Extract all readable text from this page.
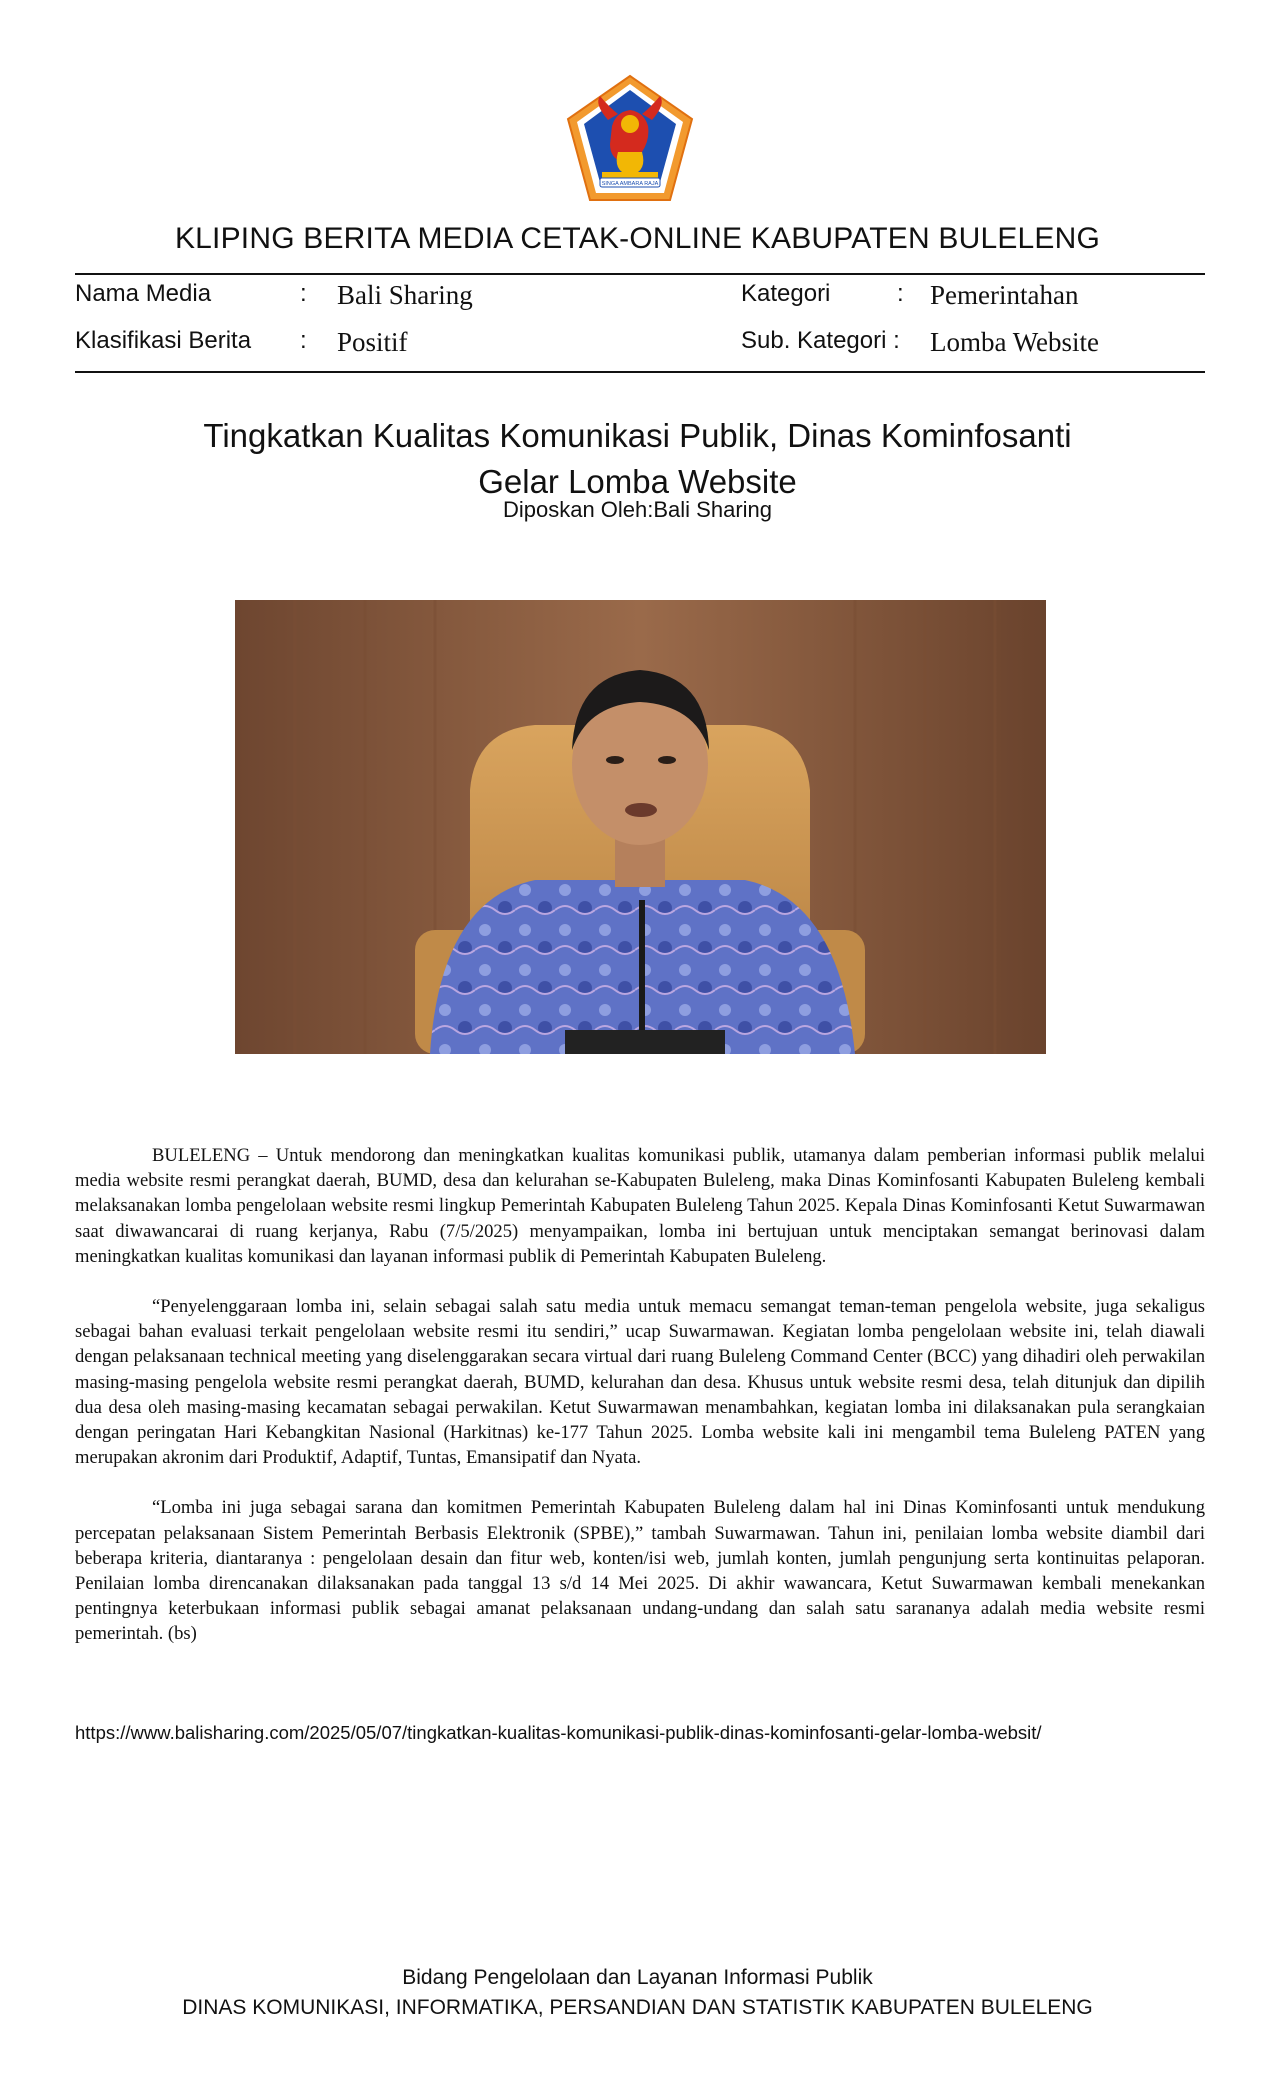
SINGA AMBARA RAJA
KLIPING BERITA MEDIA CETAK-ONLINE KABUPATEN BULELENG
Nama Media	: Bali Sharing	Kategori	: Pemerintahan
Klasifikasi Berita : Positif	Sub. Kategori : Lomba Website
Tingkatkan Kualitas Komunikasi Publik, Dinas Kominfosanti
Gelar Lomba Website
Diposkan Oleh:Bali Sharing

BULELENG – Untuk mendorong dan meningkatkan kualitas komunikasi publik, utamanya dalam pemberian informasi publik melalui media website resmi perangkat daerah, BUMD, desa dan kelurahan se-Kabupaten Buleleng, maka Dinas Kominfosanti Kabupaten Buleleng kembali melaksanakan lomba pengelolaan website resmi lingkup Pemerintah Kabupaten Buleleng Tahun 2025. Kepala Dinas Kominfosanti Ketut Suwarmawan saat diwawancarai di ruang kerjanya, Rabu (7/5/2025) menyampaikan, lomba ini bertujuan untuk menciptakan semangat berinovasi dalam meningkatkan kualitas komunikasi dan layanan informasi publik di Pemerintah Kabupaten Buleleng.

“Penyelenggaraan lomba ini, selain sebagai salah satu media untuk memacu semangat teman-teman pengelola website, juga sekaligus sebagai bahan evaluasi terkait pengelolaan website resmi itu sendiri,” ucap Suwarmawan. Kegiatan lomba pengelolaan website ini, telah diawali dengan pelaksanaan technical meeting yang diselenggarakan secara virtual dari ruang Buleleng Command Center (BCC) yang dihadiri oleh perwakilan masing-masing pengelola website resmi perangkat daerah, BUMD, kelurahan dan desa. Khusus untuk website resmi desa, telah ditunjuk dan dipilih dua desa oleh masing-masing kecamatan sebagai perwakilan. Ketut Suwarmawan menambahkan, kegiatan lomba ini dilaksanakan pula serangkaian dengan peringatan Hari Kebangkitan Nasional (Harkitnas) ke-177 Tahun 2025. Lomba website kali ini mengambil tema Buleleng PATEN yang merupakan akronim dari Produktif, Adaptif, Tuntas, Emansipatif dan Nyata.

“Lomba ini juga sebagai sarana dan komitmen Pemerintah Kabupaten Buleleng dalam hal ini Dinas Kominfosanti untuk mendukung percepatan pelaksanaan Sistem Pemerintah Berbasis Elektronik (SPBE),” tambah Suwarmawan. Tahun ini, penilaian lomba website diambil dari beberapa kriteria, diantaranya : pengelolaan desain dan fitur web, konten/isi web, jumlah konten, jumlah pengunjung serta kontinuitas pelaporan. Penilaian lomba direncanakan dilaksanakan pada tanggal 13 s/d 14 Mei 2025. Di akhir wawancara, Ketut Suwarmawan kembali menekankan pentingnya keterbukaan informasi publik sebagai amanat pelaksanaan undang-undang dan salah satu sarananya adalah media website resmi pemerintah. (bs)

https://www.balisharing.com/2025/05/07/tingkatkan-kualitas-komunikasi-publik-dinas-kominfosanti-gelar-lomba-websit/
Bidang Pengelolaan dan Layanan Informasi Publik
DINAS KOMUNIKASI, INFORMATIKA, PERSANDIAN DAN STATISTIK KABUPATEN BULELENG
